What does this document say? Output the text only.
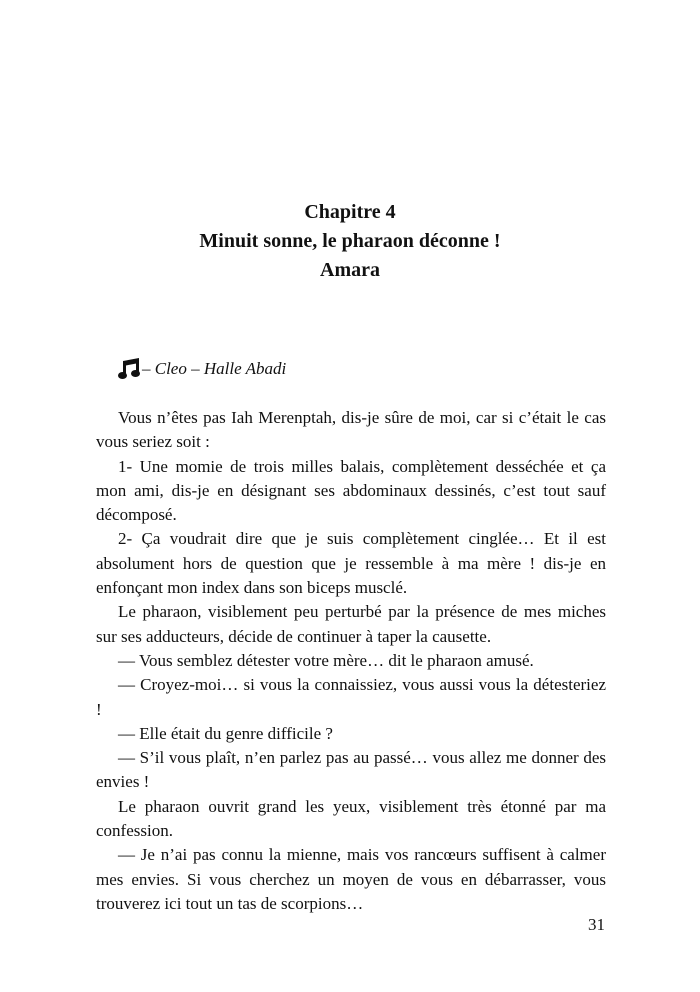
Chapitre 4
Minuit sonne, le pharaon déconne !
Amara
– Cleo – Halle Abadi

Vous n’êtes pas Iah Merenptah, dis-je sûre de moi, car si c’était le cas vous seriez soit :

1- Une momie de trois milles balais, complètement desséchée et ça mon ami, dis-je en désignant ses abdominaux dessinés, c’est tout sauf décomposé.

2- Ça voudrait dire que je suis complètement cinglée… Et il est absolument hors de question que je ressemble à ma mère ! dis-je en enfonçant mon index dans son biceps musclé.

Le pharaon, visiblement peu perturbé par la présence de mes miches sur ses adducteurs, décide de continuer à taper la causette.

— Vous semblez détester votre mère… dit le pharaon amusé.

— Croyez-moi… si vous la connaissiez, vous aussi vous la détesteriez !

— Elle était du genre difficile ?

— S’il vous plaît, n’en parlez pas au passé… vous allez me donner des envies !

Le pharaon ouvrit grand les yeux, visiblement très étonné par ma confession.

— Je n’ai pas connu la mienne, mais vos rancœurs suffisent à calmer mes envies. Si vous cherchez un moyen de vous en débarrasser, vous trouverez ici tout un tas de scorpions…

31
